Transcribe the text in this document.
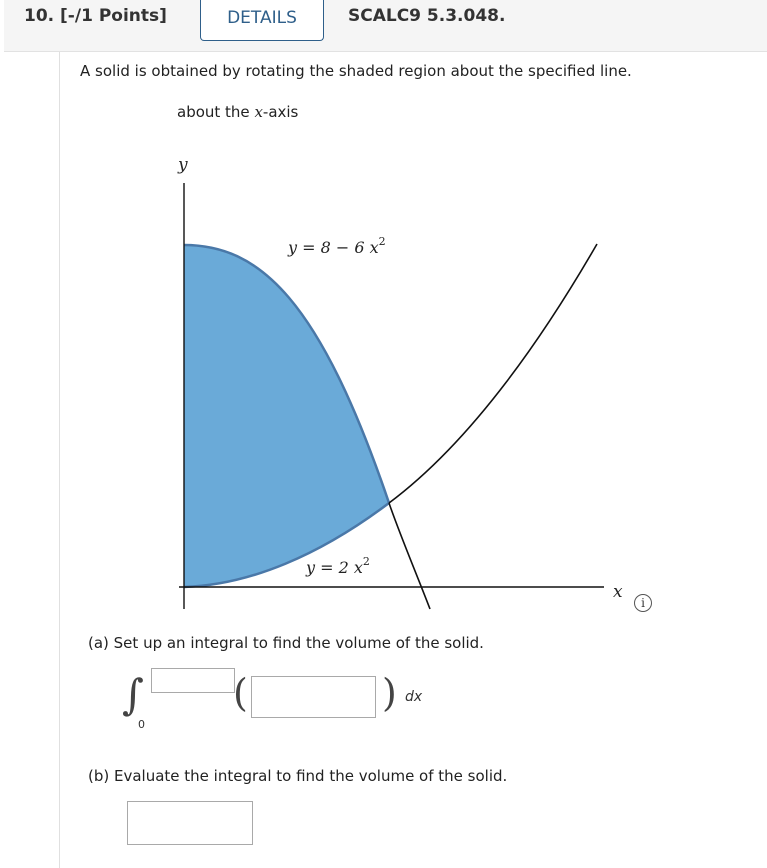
10. [-/1 Points]	DETAILS	SCALC9 5.3.048.
A solid is obtained by rotating the shaded region about the specified line.
about the x-axis
y
x
y = 8 − 6 $x^2$
y = 2 $x^2$
i
(a) Set up an integral to find the volume of the solid.
∫
0
(	) dx
(b) Evaluate the integral to find the volume of the solid.
